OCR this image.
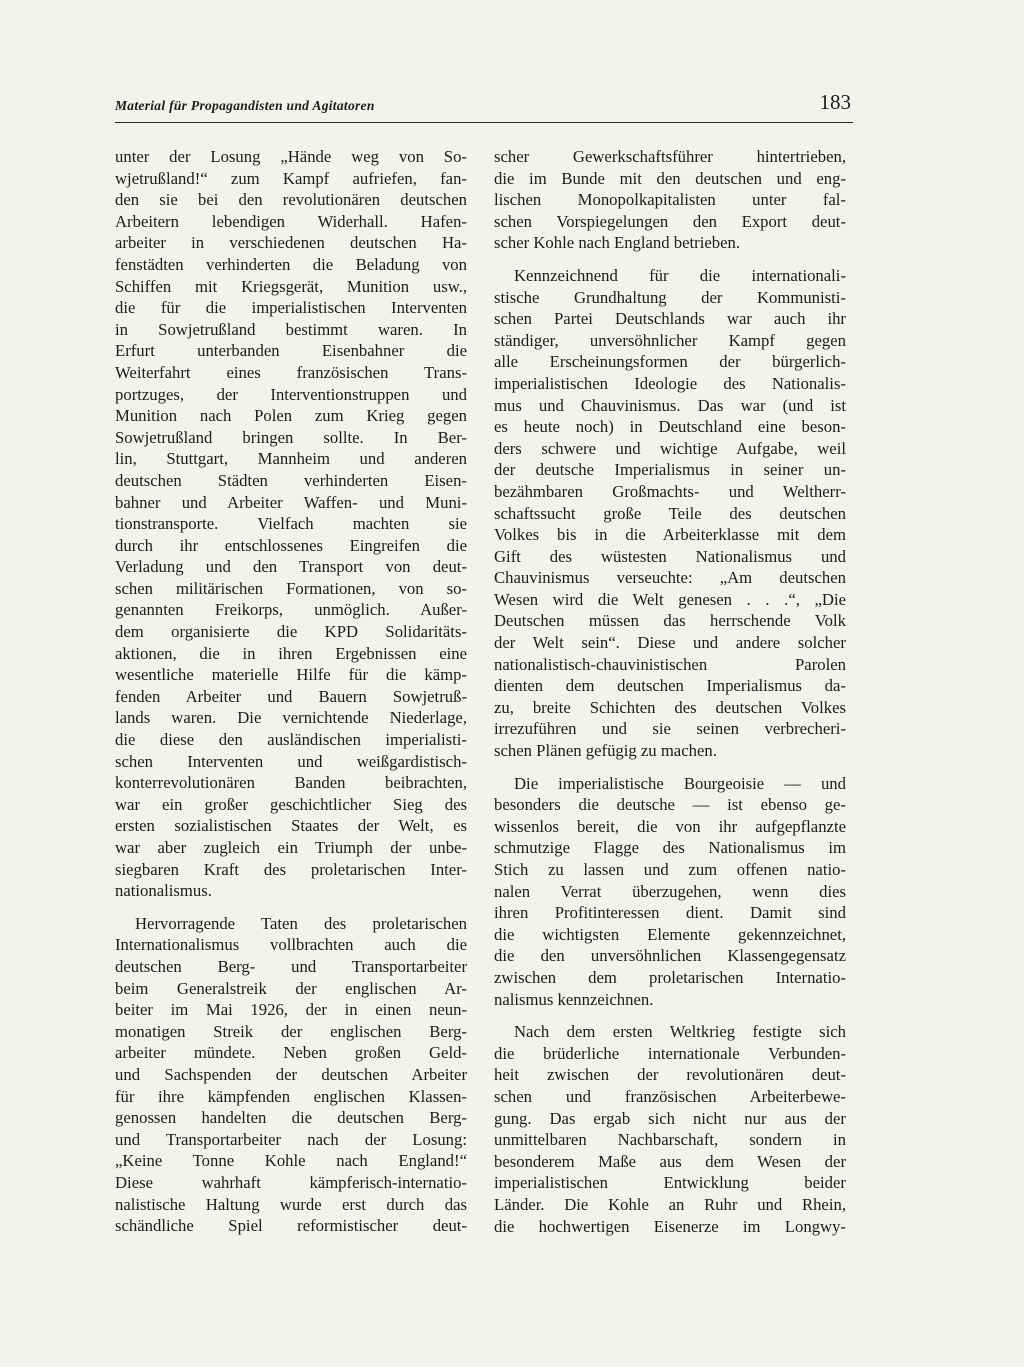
Material für Propagandisten und Agitatoren	183

unter der Losung „Hände weg von So-
wjetrußland!“ zum Kampf aufriefen, fan-
den sie bei den revolutionären deutschen
Arbeitern lebendigen Widerhall. Hafen-
arbeiter in verschiedenen deutschen Ha-
fenstädten verhinderten die Beladung von
Schiffen mit Kriegsgerät, Munition usw.,
die für die imperialistischen Interventen
in Sowjetrußland bestimmt waren. In
Erfurt unterbanden Eisenbahner die
Weiterfahrt eines französischen Trans-
portzuges, der Interventionstruppen und
Munition nach Polen zum Krieg gegen
Sowjetrußland bringen sollte. In Ber-
lin, Stuttgart, Mannheim und anderen
deutschen Städten verhinderten Eisen-
bahner und Arbeiter Waffen- und Muni-
tionstransporte. Vielfach machten sie
durch ihr entschlossenes Eingreifen die
Verladung und den Transport von deut-
schen militärischen Formationen, von so-
genannten Freikorps, unmöglich. Außer-
dem organisierte die KPD Solidaritäts-
aktionen, die in ihren Ergebnissen eine
wesentliche materielle Hilfe für die kämp-
fenden Arbeiter und Bauern Sowjetruß-
lands waren. Die vernichtende Niederlage,
die diese den ausländischen imperialisti-
schen Interventen und weißgardistisch-
konterrevolutionären Banden beibrachten,
war ein großer geschichtlicher Sieg des
ersten sozialistischen Staates der Welt, es
war aber zugleich ein Triumph der unbe-
siegbaren Kraft des proletarischen Inter-
nationalismus.

Hervorragende Taten des proletarischen
Internationalismus vollbrachten auch die
deutschen Berg- und Transportarbeiter
beim Generalstreik der englischen Ar-
beiter im Mai 1926, der in einen neun-
monatigen Streik der englischen Berg-
arbeiter mündete. Neben großen Geld-
und Sachspenden der deutschen Arbeiter
für ihre kämpfenden englischen Klassen-
genossen handelten die deutschen Berg-
und Transportarbeiter nach der Losung:
„Keine Tonne Kohle nach England!“
Diese wahrhaft kämpferisch-internatio-
nalistische Haltung wurde erst durch das
schändliche Spiel reformistischer deut-

scher Gewerkschaftsführer hintertrieben,
die im Bunde mit den deutschen und eng-
lischen Monopolkapitalisten unter fal-
schen Vorspiegelungen den Export deut-
scher Kohle nach England betrieben.

Kennzeichnend für die internationali-
stische Grundhaltung der Kommunisti-
schen Partei Deutschlands war auch ihr
ständiger, unversöhnlicher Kampf gegen
alle Erscheinungsformen der bürgerlich-
imperialistischen Ideologie des Nationalis-
mus und Chauvinismus. Das war (und ist
es heute noch) in Deutschland eine beson-
ders schwere und wichtige Aufgabe, weil
der deutsche Imperialismus in seiner un-
bezähmbaren Großmachts- und Weltherr-
schaftssucht große Teile des deutschen
Volkes bis in die Arbeiterklasse mit dem
Gift des wüstesten Nationalismus und
Chauvinismus verseuchte: „Am deutschen
Wesen wird die Welt genesen . . .“, „Die
Deutschen müssen das herrschende Volk
der Welt sein“. Diese und andere solcher
nationalistisch-chauvinistischen Parolen
dienten dem deutschen Imperialismus da-
zu, breite Schichten des deutschen Volkes
irrezuführen und sie seinen verbrecheri-
schen Plänen gefügig zu machen.

Die imperialistische Bourgeoisie — und
besonders die deutsche — ist ebenso ge-
wissenlos bereit, die von ihr aufgepflanzte
schmutzige Flagge des Nationalismus im
Stich zu lassen und zum offenen natio-
nalen Verrat überzugehen, wenn dies
ihren Profitinteressen dient. Damit sind
die wichtigsten Elemente gekennzeichnet,
die den unversöhnlichen Klassengegensatz
zwischen dem proletarischen Internatio-
nalismus kennzeichnen.

Nach dem ersten Weltkrieg festigte sich
die brüderliche internationale Verbunden-
heit zwischen der revolutionären deut-
schen und französischen Arbeiterbewe-
gung. Das ergab sich nicht nur aus der
unmittelbaren Nachbarschaft, sondern in
besonderem Maße aus dem Wesen der
imperialistischen Entwicklung beider
Länder. Die Kohle an Ruhr und Rhein,
die hochwertigen Eisenerze im Longwy-
